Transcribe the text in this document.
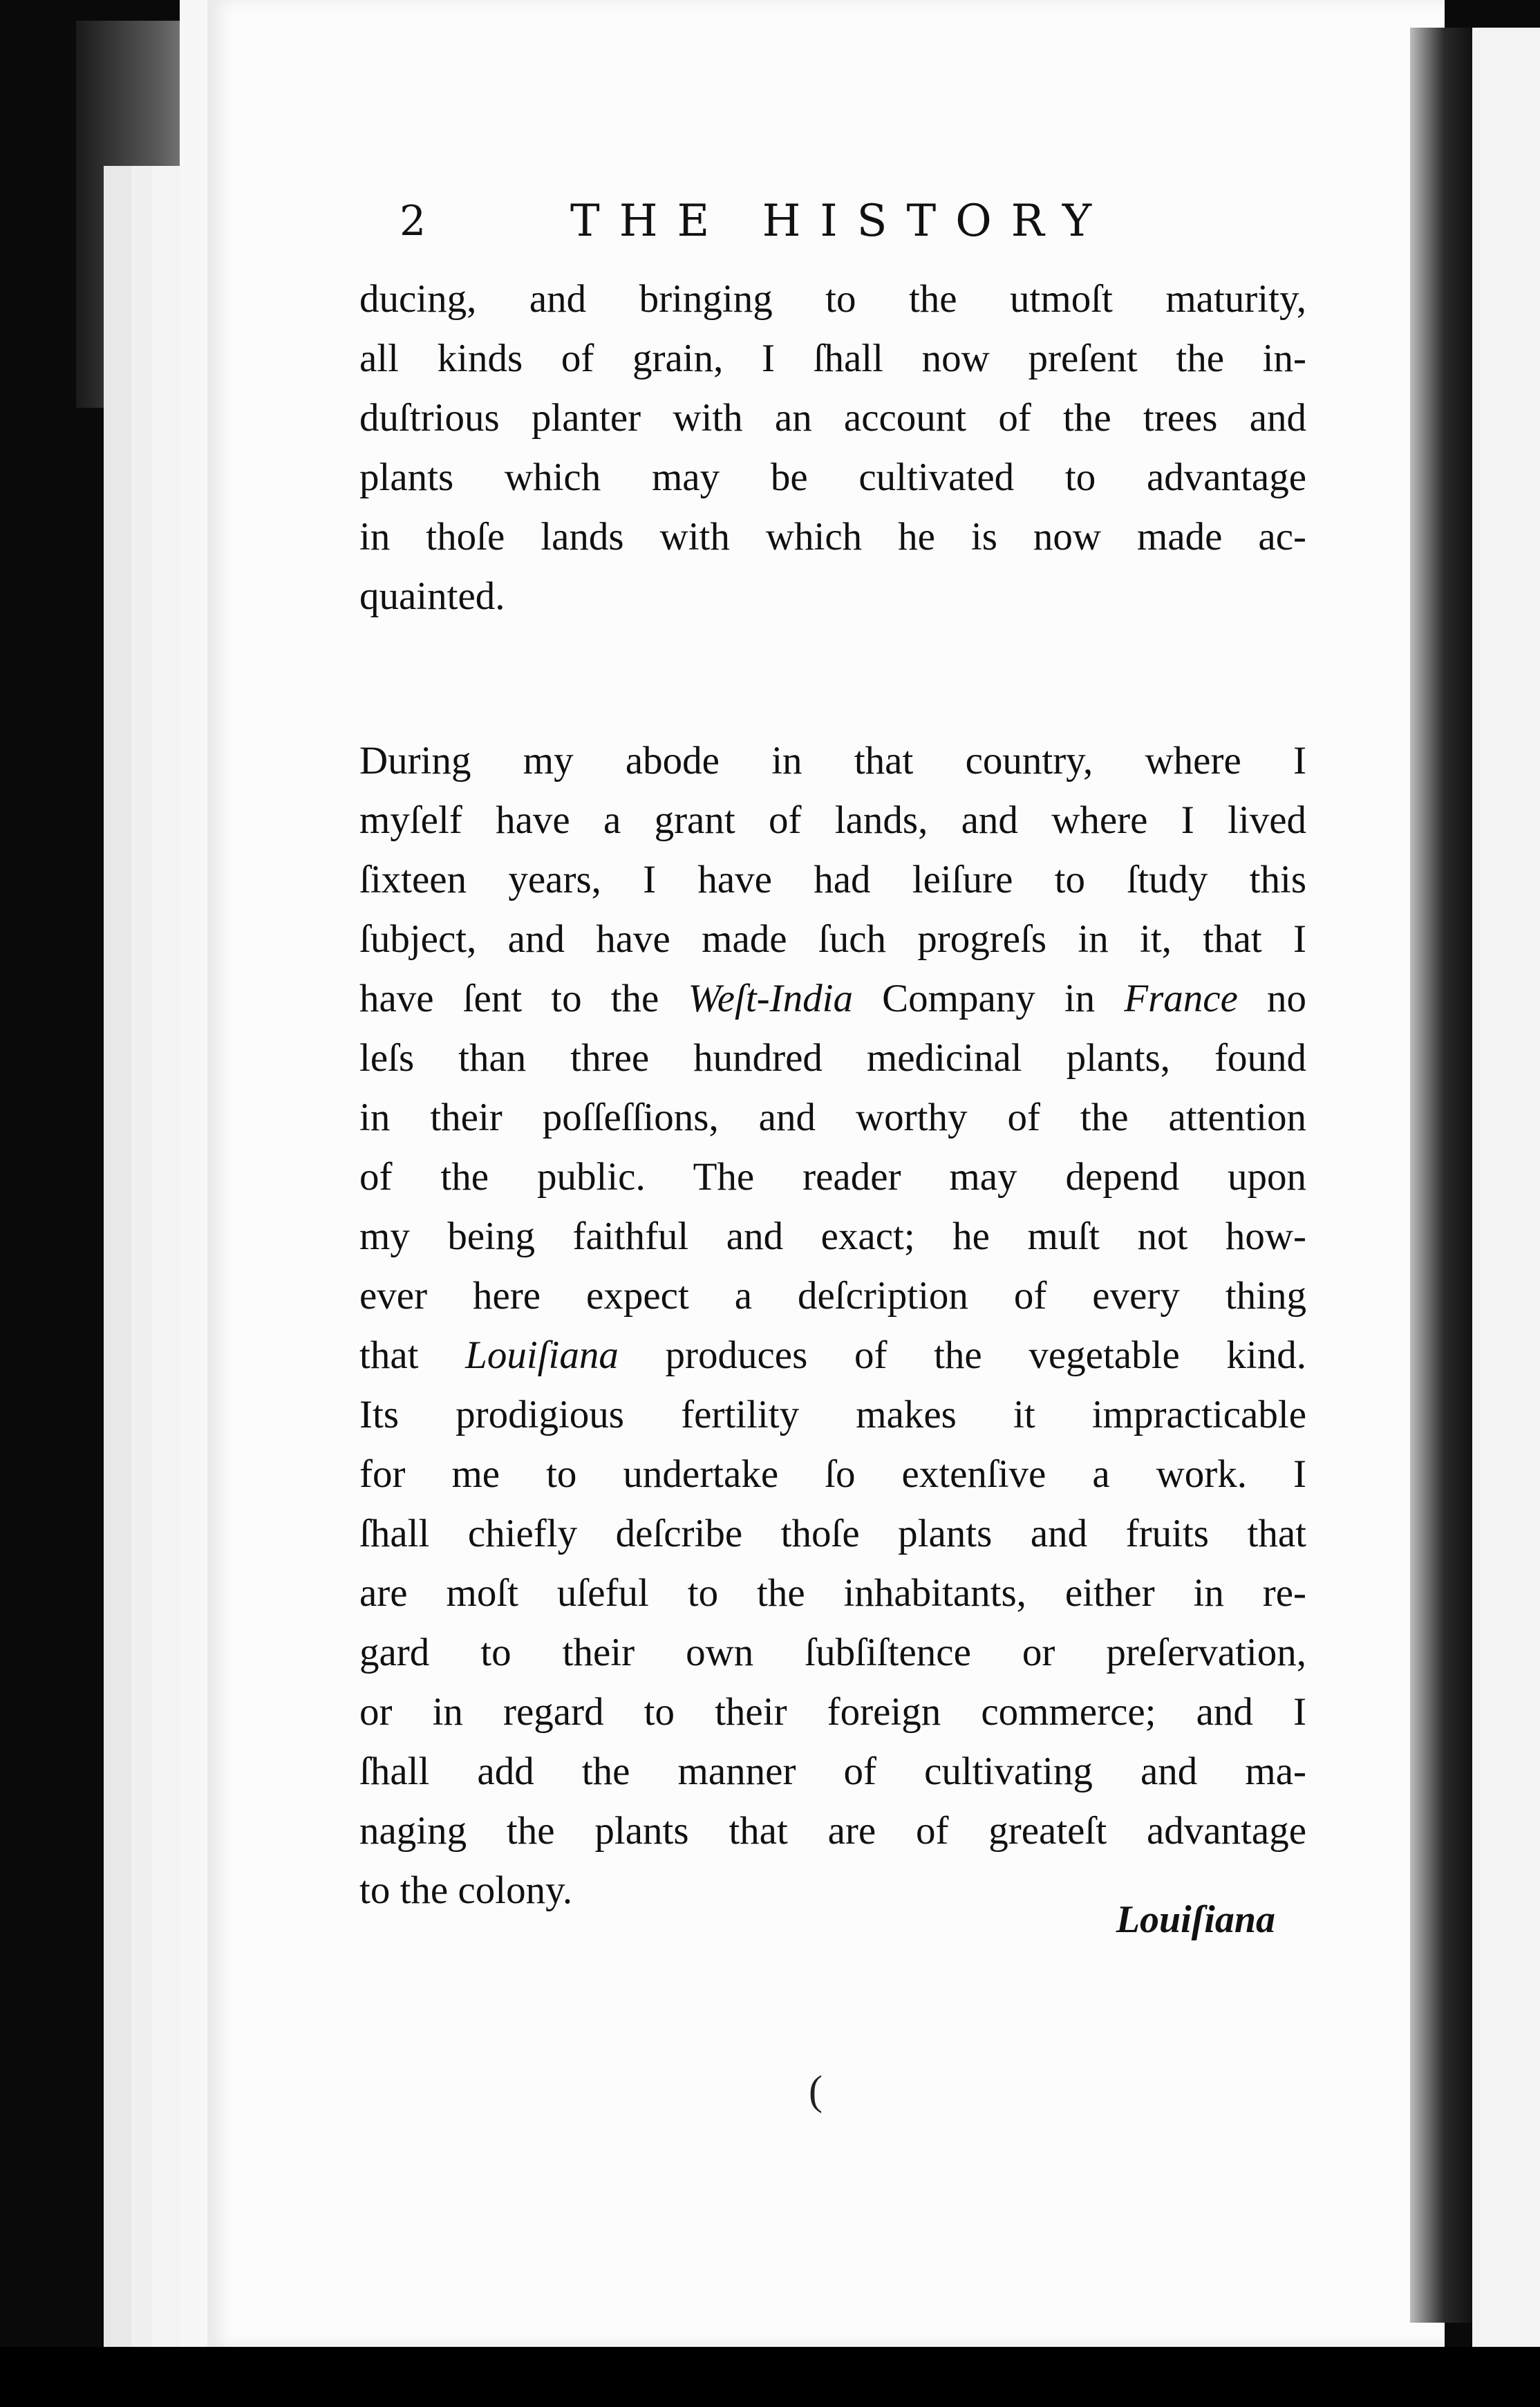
2	THE HISTORY
ducing, and bringing to the utmoſt maturity,
all kinds of grain, I ſhall now preſent the in-
duſtrious planter with an account of the trees and
plants which may be cultivated to advantage
in thoſe lands with which he is now made ac-
quainted.
During my abode in that country, where I
myſelf have a grant of lands, and where I lived
ſixteen years, I have had leiſure to ſtudy this
ſubject, and have made ſuch progreſs in it, that I
have ſent to the Weſt-India Company in France no
leſs than three hundred medicinal plants, found
in their poſſeſſions, and worthy of the attention
of the public. The reader may depend upon
my being faithful and exact; he muſt not how-
ever here expect a deſcription of every thing
that Louiſiana produces of the vegetable kind.
Its prodigious fertility makes it impracticable
for me to undertake ſo extenſive a work. I
ſhall chiefly deſcribe thoſe plants and fruits that
are moſt uſeful to the inhabitants, either in re-
gard to their own ſubſiſtence or preſervation,
or in regard to their foreign commerce; and I
ſhall add the manner of cultivating and ma-
naging the plants that are of greateſt advantage
to the colony.
Louiſiana
(
